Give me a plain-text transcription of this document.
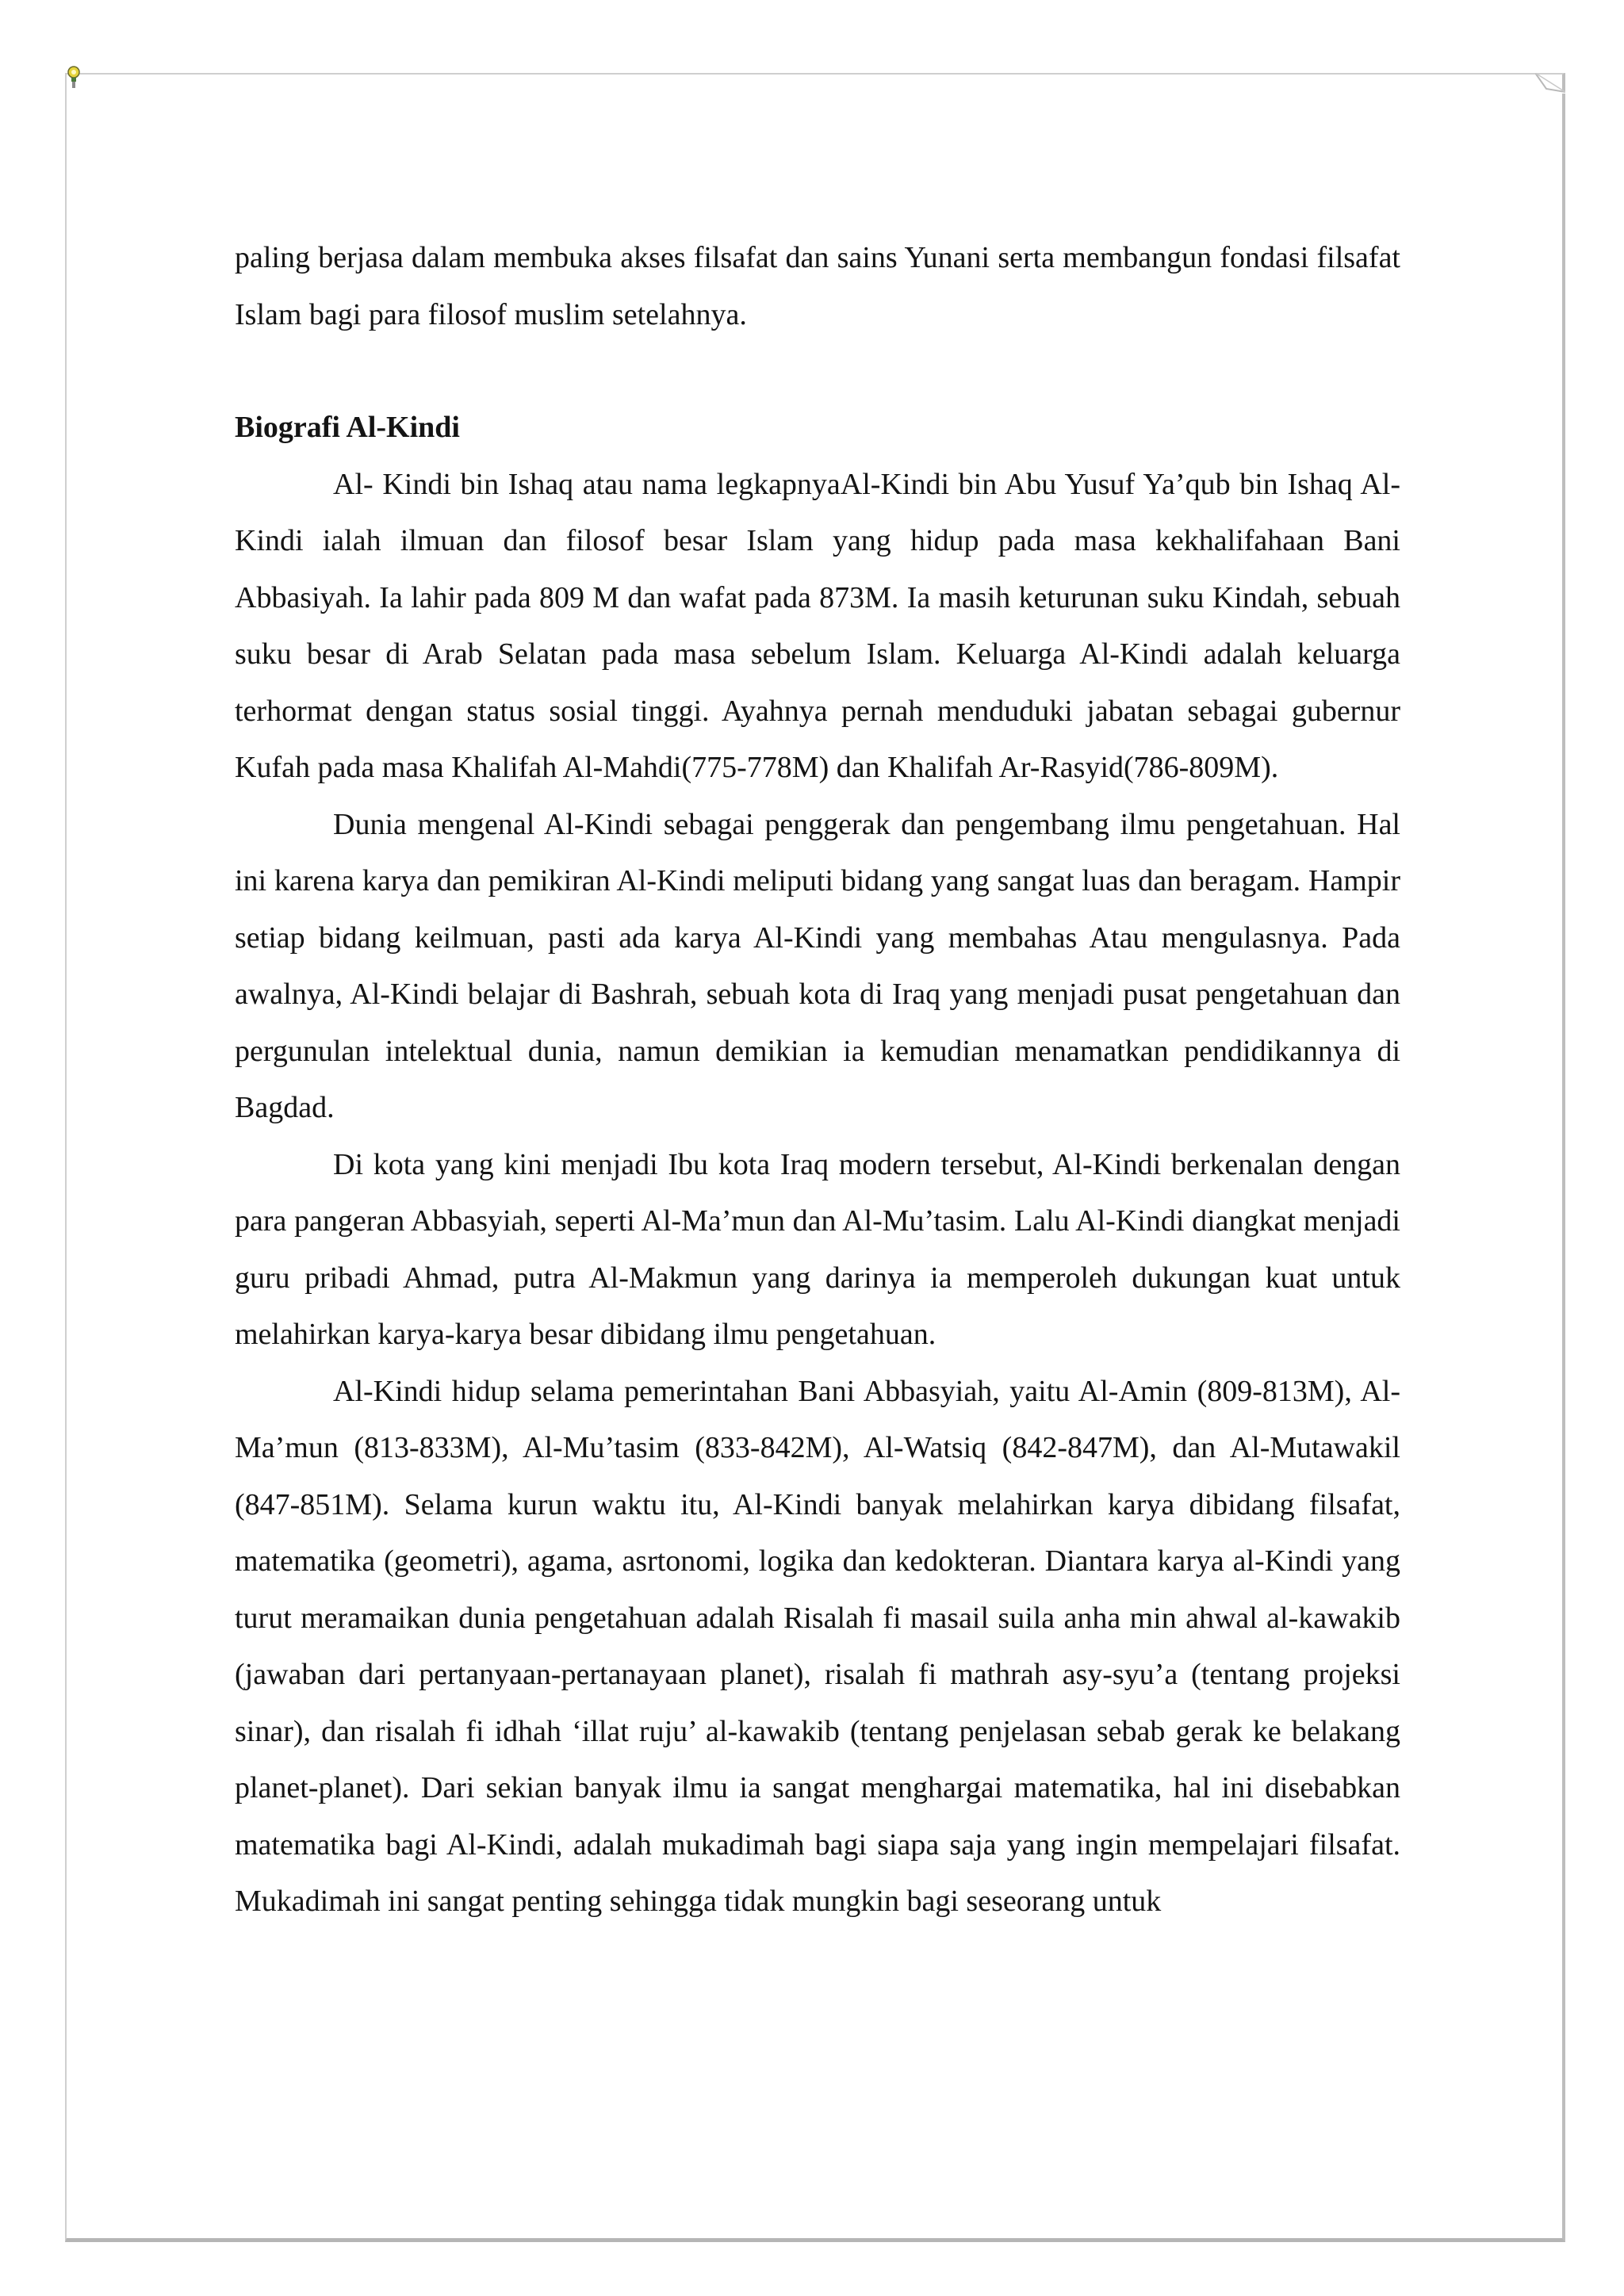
paling berjasa dalam membuka akses filsafat dan sains Yunani serta membangun fondasi filsafat Islam bagi para filosof muslim setelahnya.

Biografi Al-Kindi

Al- Kindi bin Ishaq atau nama legkapnyaAl-Kindi bin Abu Yusuf Ya’qub bin Ishaq Al-Kindi ialah ilmuan dan filosof besar Islam yang hidup pada masa kekhalifahaan Bani Abbasiyah. Ia lahir pada 809 M dan wafat pada 873M. Ia masih keturunan suku Kindah, sebuah suku besar di Arab Selatan pada masa sebelum Islam. Keluarga Al-Kindi adalah keluarga terhormat dengan status sosial tinggi. Ayahnya pernah menduduki jabatan sebagai gubernur Kufah pada masa Khalifah Al-Mahdi(775-778M) dan Khalifah Ar-Rasyid(786-809M).

Dunia mengenal Al-Kindi sebagai penggerak dan pengembang ilmu pengetahuan. Hal ini karena karya dan pemikiran Al-Kindi meliputi bidang yang sangat luas dan beragam. Hampir setiap bidang keilmuan, pasti ada karya Al-Kindi yang membahas Atau mengulasnya. Pada awalnya, Al-Kindi belajar di Bashrah, sebuah kota di Iraq yang menjadi pusat pengetahuan dan pergunulan intelektual dunia, namun demikian ia kemudian menamatkan pendidikannya di Bagdad.

Di kota yang kini menjadi Ibu kota Iraq modern tersebut, Al-Kindi berkenalan dengan para pangeran Abbasyiah, seperti Al-Ma’mun dan Al-Mu’tasim. Lalu Al-Kindi diangkat menjadi guru pribadi Ahmad, putra Al-Makmun yang darinya ia memperoleh dukungan kuat untuk melahirkan karya-karya besar dibidang ilmu pengetahuan.

Al-Kindi hidup selama pemerintahan Bani Abbasyiah, yaitu Al-Amin (809-813M), Al-Ma’mun (813-833M), Al-Mu’tasim (833-842M), Al-Watsiq (842-847M), dan Al-Mutawakil (847-851M). Selama kurun waktu itu, Al-Kindi banyak melahirkan karya dibidang filsafat, matematika (geometri), agama, asrtonomi, logika dan kedokteran. Diantara karya al-Kindi yang turut meramaikan dunia pengetahuan adalah Risalah fi masail suila anha min ahwal al-kawakib (jawaban dari pertanyaan-pertanayaan planet), risalah fi mathrah asy-syu’a (tentang projeksi sinar), dan risalah fi idhah ‘illat ruju’ al-kawakib (tentang penjelasan sebab gerak ke belakang planet-planet). Dari sekian banyak ilmu ia sangat menghargai matematika, hal ini disebabkan matematika bagi Al-Kindi, adalah mukadimah bagi siapa saja yang ingin mempelajari filsafat. Mukadimah ini sangat penting sehingga tidak mungkin bagi seseorang untuk
